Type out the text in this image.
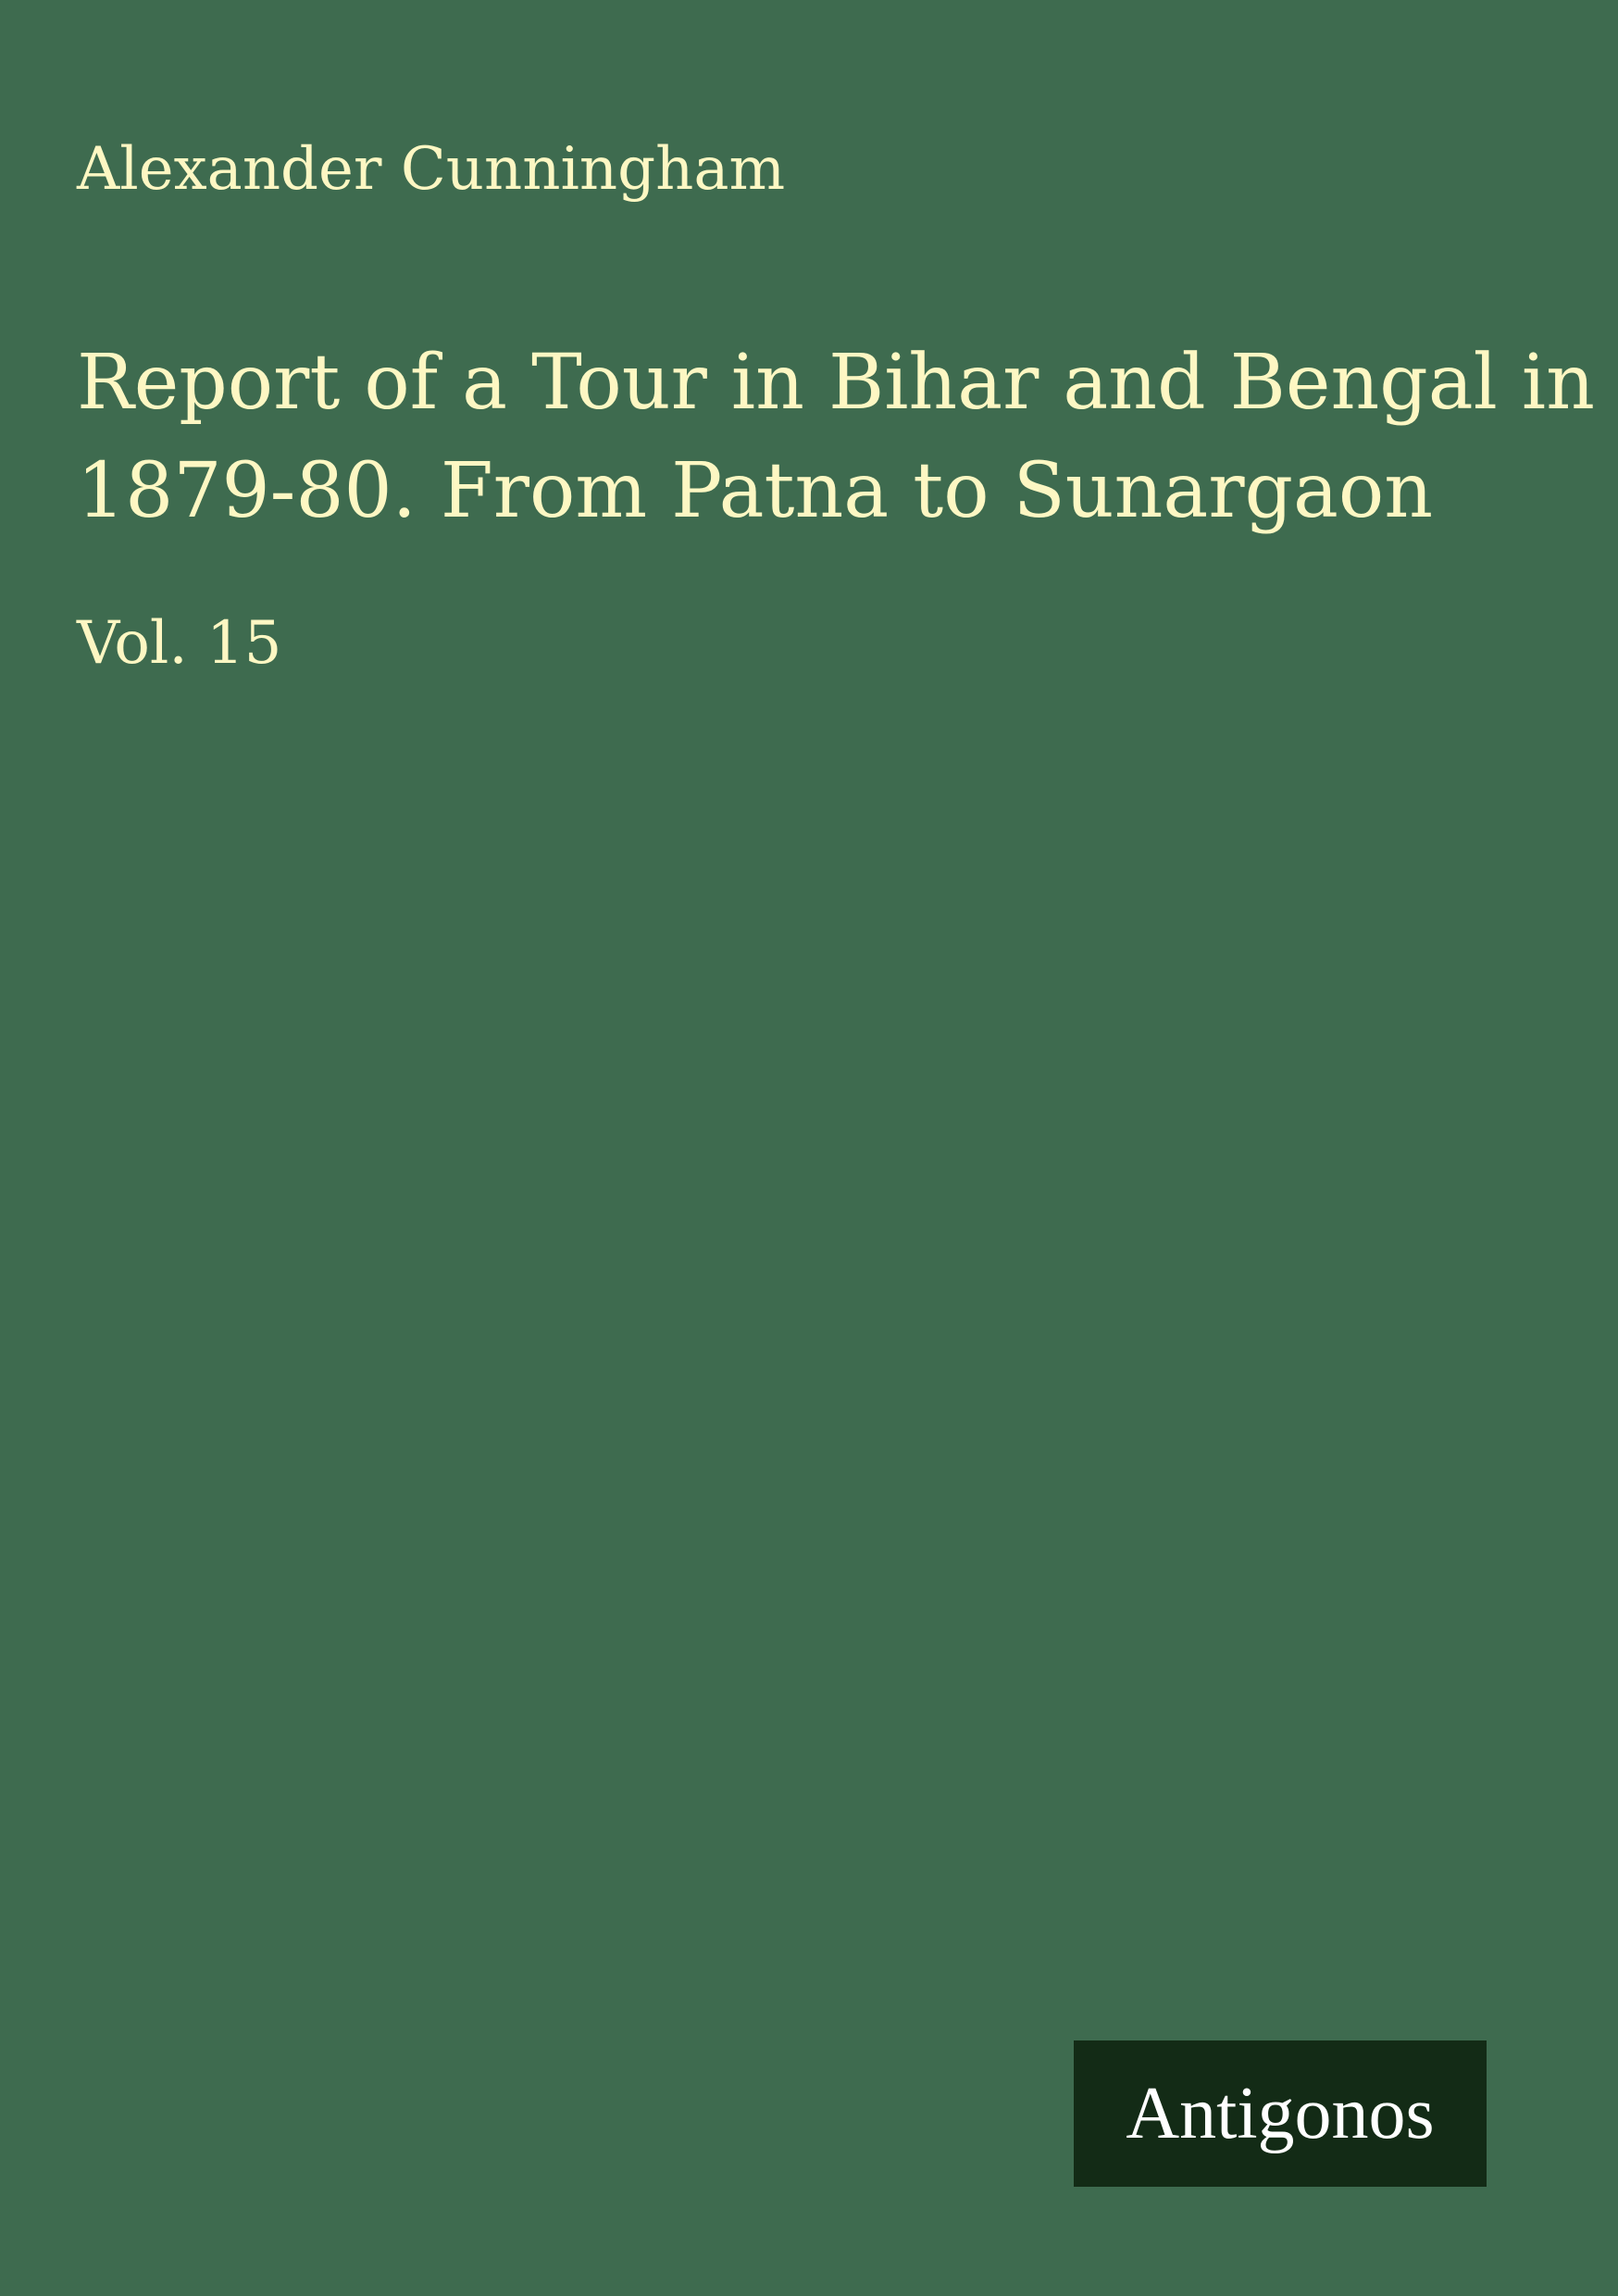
Alexander Cunningham
Report of a Tour in Bihar and Bengal in
1879-80. From Patna to Sunargaon
Vol. 15
Antigonos
